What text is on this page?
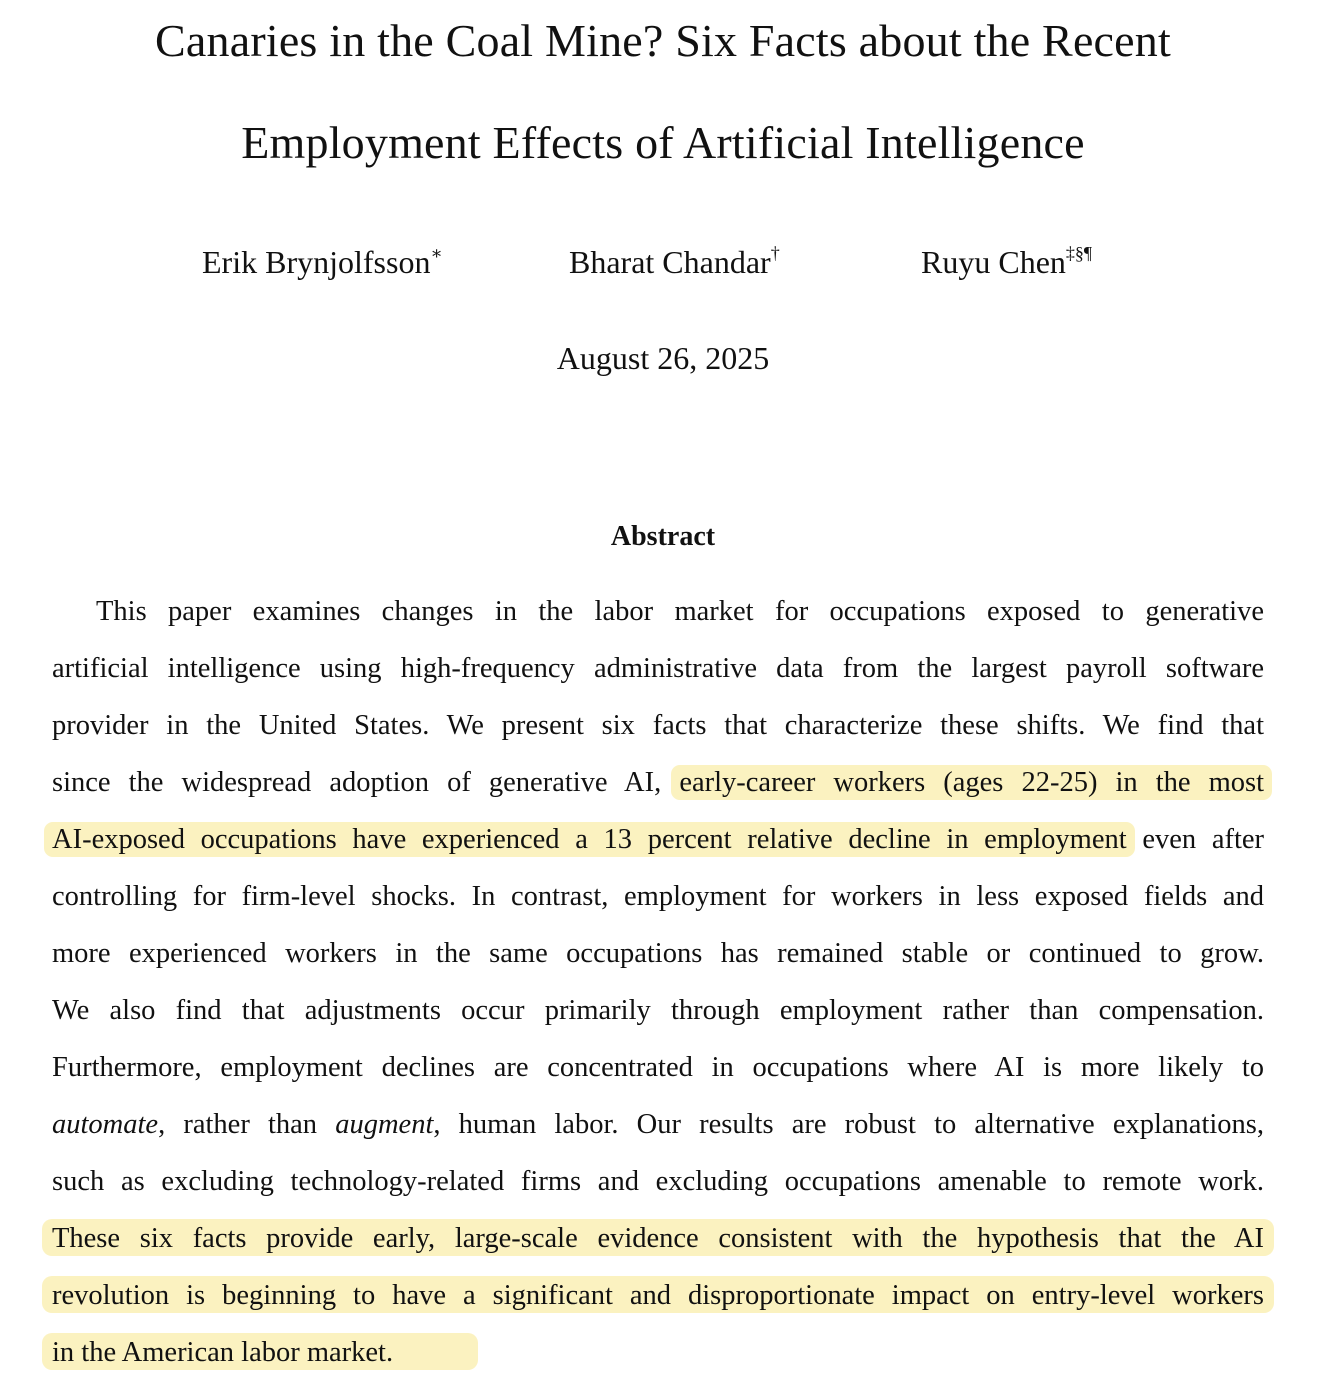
Canaries in the Coal Mine? Six Facts about the Recent
Employment Effects of Artificial Intelligence
Erik Brynjolfsson∗	Bharat Chandar†	Ruyu Chen‡§¶
August 26, 2025
Abstract
This paper examines changes in the labor market for occupations exposed to generative
artificial intelligence using high-frequency administrative data from the largest payroll software
provider in the United States. We present six facts that characterize these shifts. We find that
since the widespread adoption of generative AI, early-career workers (ages 22-25) in the most
AI-exposed occupations have experienced a 13 percent relative decline in employment even after
controlling for firm-level shocks. In contrast, employment for workers in less exposed fields and
more experienced workers in the same occupations has remained stable or continued to grow.
We also find that adjustments occur primarily through employment rather than compensation.
Furthermore, employment declines are concentrated in occupations where AI is more likely to
automate, rather than augment, human labor. Our results are robust to alternative explanations,
such as excluding technology-related firms and excluding occupations amenable to remote work.
These six facts provide early, large-scale evidence consistent with the hypothesis that the AI
revolution is beginning to have a significant and disproportionate impact on entry-level workers
in the American labor market.
